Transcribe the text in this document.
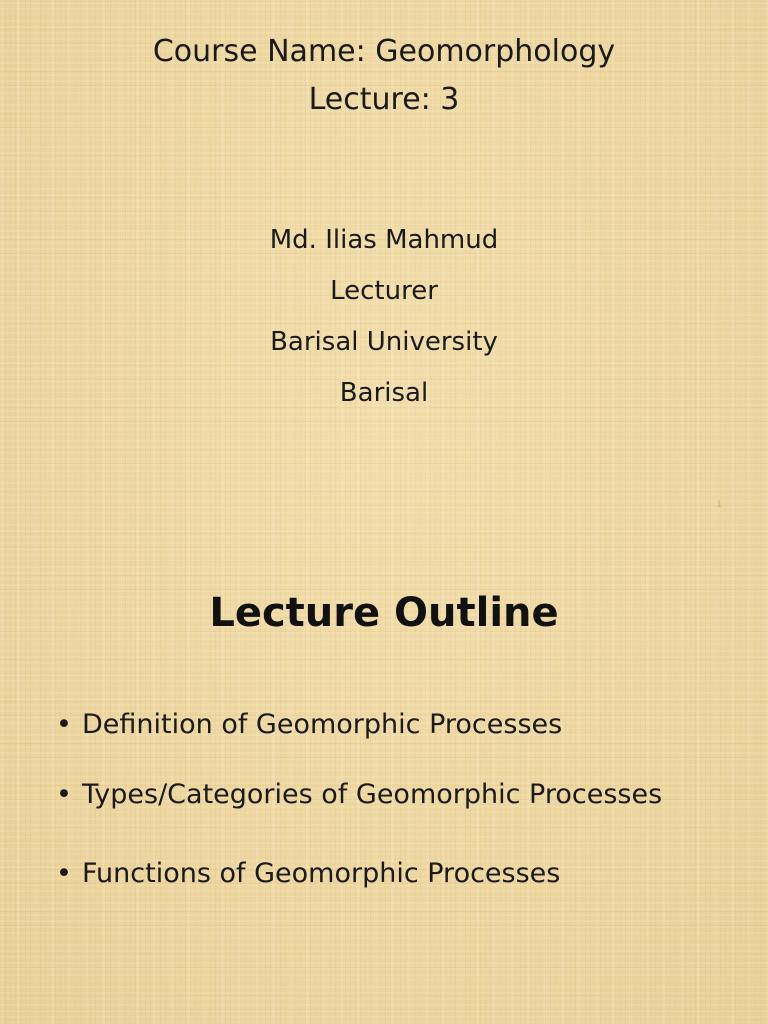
Course Name: Geomorphology
Lecture: 3
Md. Ilias Mahmud
Lecturer
Barisal University
Barisal
1
Lecture Outline
• Definition of Geomorphic Processes
• Types/Categories of Geomorphic Processes
• Functions of Geomorphic Processes
